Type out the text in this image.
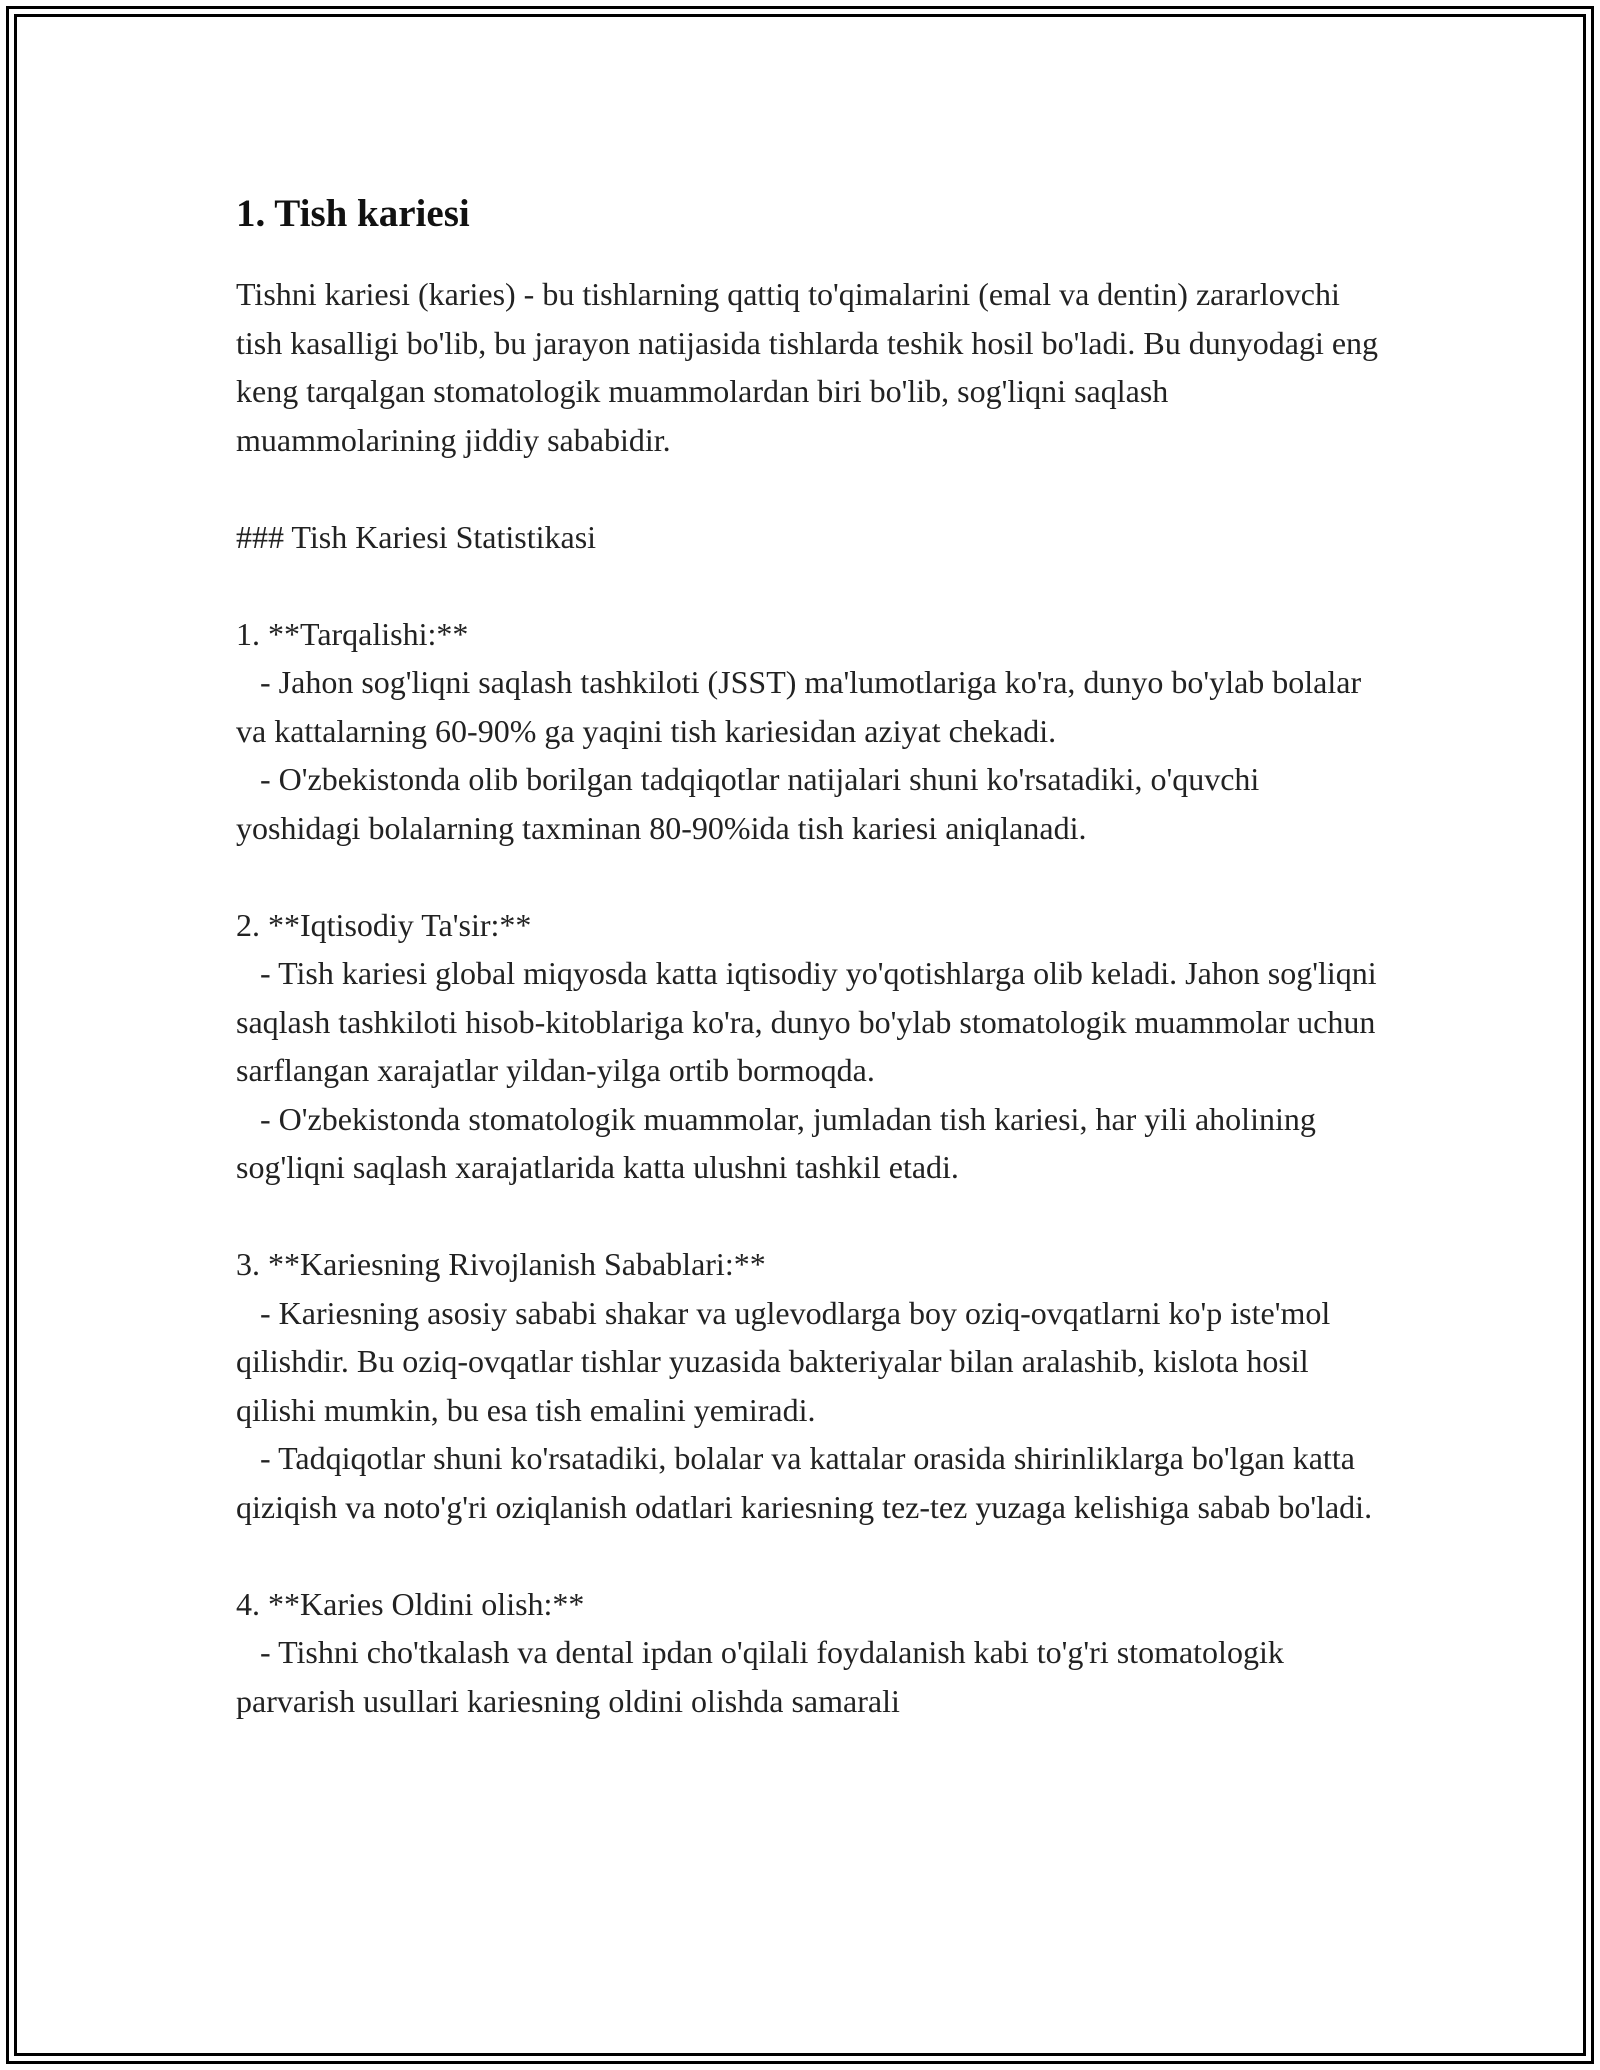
1. Tish kariesi
Tishni kariesi (karies) - bu tishlarning qattiq to'qimalarini (emal va dentin) zararlovchi tish kasalligi bo'lib, bu jarayon natijasida tishlarda teshik hosil bo'ladi. Bu dunyodagi eng keng tarqalgan stomatologik muammolardan biri bo'lib, sog'liqni saqlash muammolarining jiddiy sababidir.
### Tish Kariesi Statistikasi
1. **Tarqalishi:**
- Jahon sog'liqni saqlash tashkiloti (JSST) ma'lumotlariga ko'ra, dunyo bo'ylab bolalar va kattalarning 60-90% ga yaqini tish kariesidan aziyat chekadi.
- O'zbekistonda olib borilgan tadqiqotlar natijalari shuni ko'rsatadiki, o'quvchi yoshidagi bolalarning taxminan 80-90%ida tish kariesi aniqlanadi.
2. **Iqtisodiy Ta'sir:**
- Tish kariesi global miqyosda katta iqtisodiy yo'qotishlarga olib keladi. Jahon sog'liqni saqlash tashkiloti hisob-kitoblariga ko'ra, dunyo bo'ylab stomatologik muammolar uchun sarflangan xarajatlar yildan-yilga ortib bormoqda.
- O'zbekistonda stomatologik muammolar, jumladan tish kariesi, har yili aholining sog'liqni saqlash xarajatlarida katta ulushni tashkil etadi.
3. **Kariesning Rivojlanish Sabablari:**
- Kariesning asosiy sababi shakar va uglevodlarga boy oziq-ovqatlarni ko'p iste'mol qilishdir. Bu oziq-ovqatlar tishlar yuzasida bakteriyalar bilan aralashib, kislota hosil qilishi mumkin, bu esa tish emalini yemiradi.
- Tadqiqotlar shuni ko'rsatadiki, bolalar va kattalar orasida shirinliklarga bo'lgan katta qiziqish va noto'g'ri oziqlanish odatlari kariesning tez-tez yuzaga kelishiga sabab bo'ladi.
4. **Karies Oldini olish:**
- Tishni cho'tkalash va dental ipdan o'qilali foydalanish kabi to'g'ri stomatologik parvarish usullari kariesning oldini olishda samarali
